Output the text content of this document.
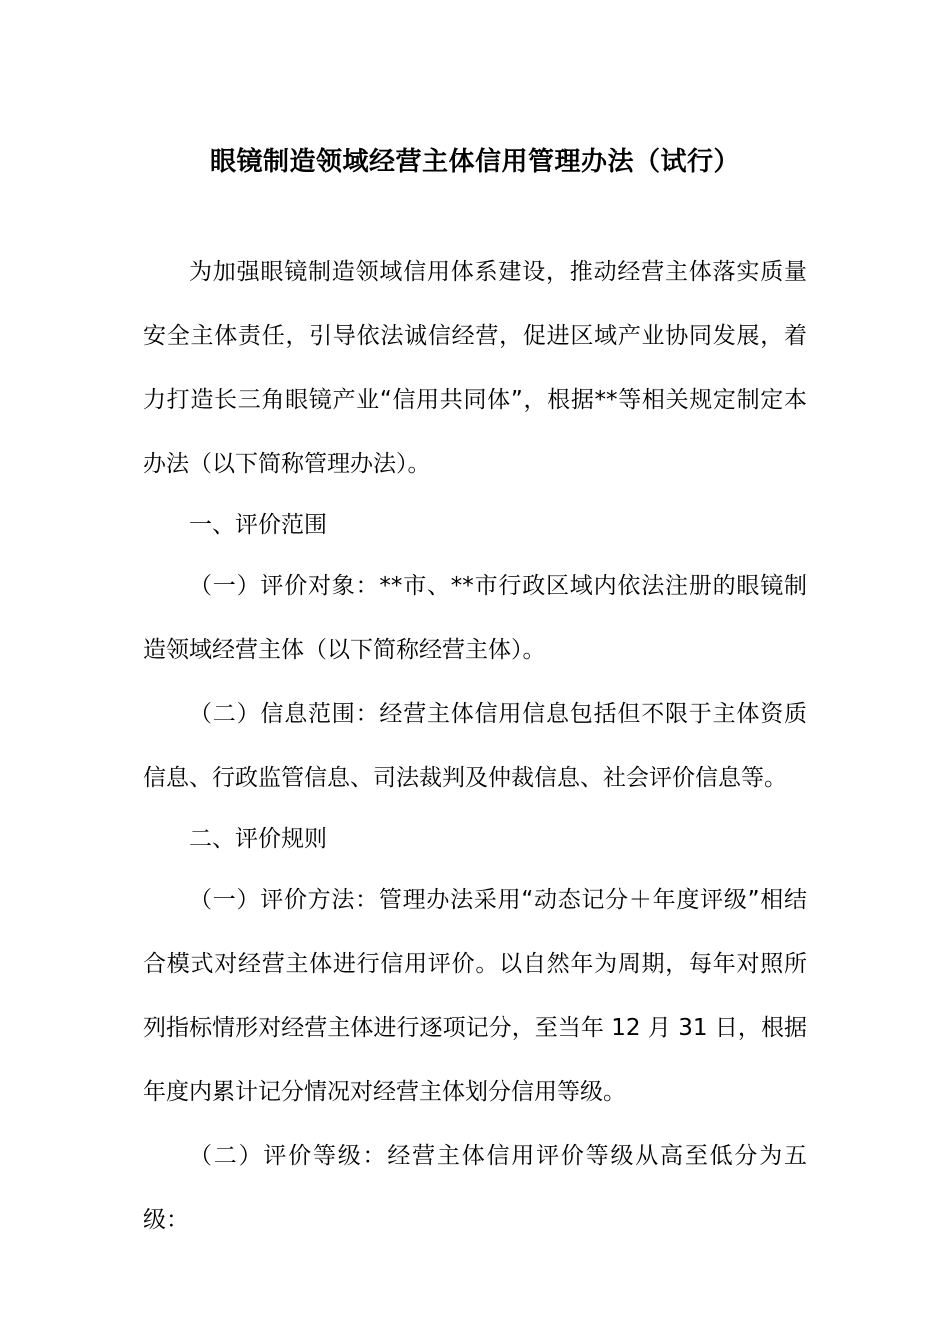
眼镜制造领域经营主体信用管理办法（试行）

为加强眼镜制造领域信用体系建设，推动经营主体落实质量安全主体责任，引导依法诚信经营，促进区域产业协同发展，着力打造长三角眼镜产业“信用共同体”，根据**等相关规定制定本办法（以下简称管理办法）。

一、评价范围

（一）评价对象：**市、**市行政区域内依法注册的眼镜制造领域经营主体（以下简称经营主体）。

（二）信息范围：经营主体信用信息包括但不限于主体资质信息、行政监管信息、司法裁判及仲裁信息、社会评价信息等。

二、评价规则

（一）评价方法：管理办法采用“动态记分＋年度评级”相结合模式对经营主体进行信用评价。以自然年为周期，每年对照所列指标情形对经营主体进行逐项记分，至当年 12 月 31 日，根据年度内累计记分情况对经营主体划分信用等级。

（二）评价等级：经营主体信用评价等级从高至低分为五级：
